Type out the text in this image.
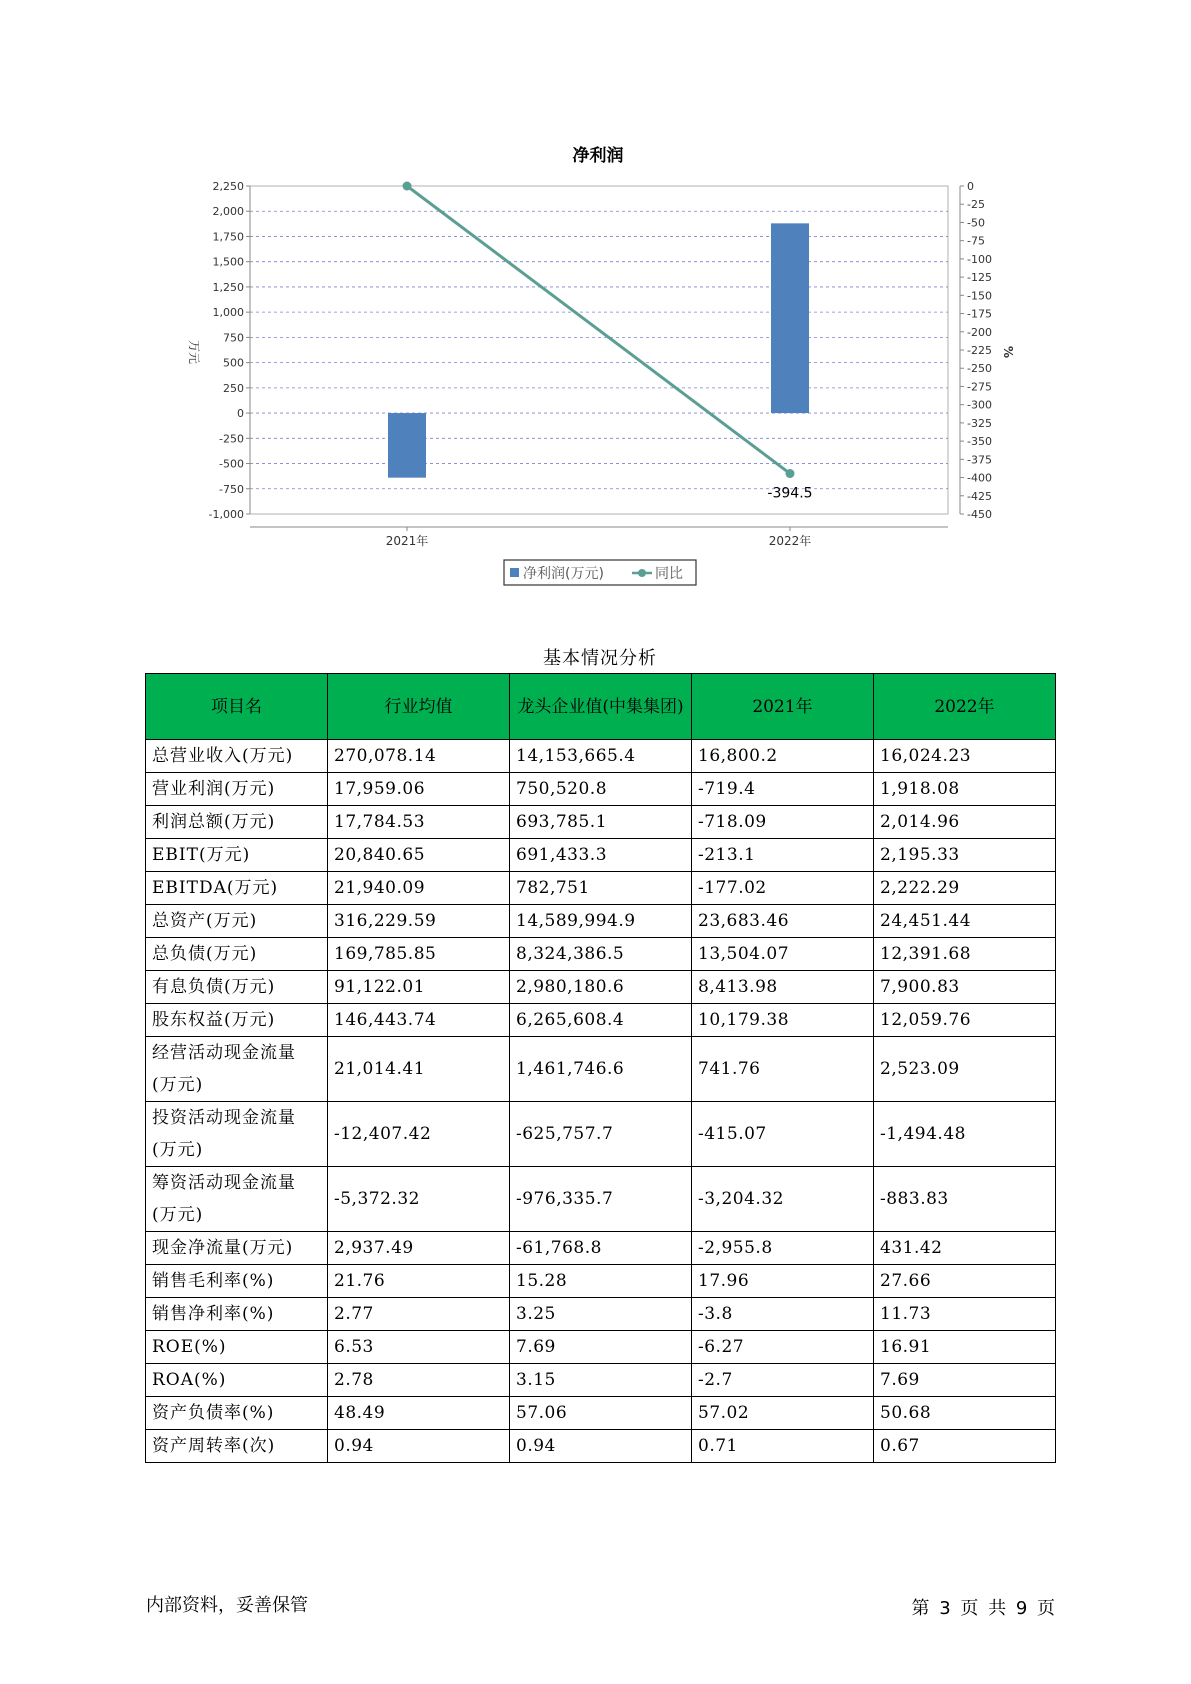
净利润
2,250
2,000
1,750
1,500
1,250
1,000
750
500
250
0
-250
-500
-750
-1,000
万元
0
-25
-50
-75
-100
-125
-150
-175
-200
-225
-250
-275
-300
-325
-350
-375
-400
-425
-450
%
2021年	2022年
-394.5
净利润(万元)	同比
基本情况分析
项目名	行业均值	龙头企业值(中集集团)	2021年	2022年
总营业收入(万元)	270,078.14	14,153,665.4	16,800.2	16,024.23
营业利润(万元)	17,959.06	750,520.8	-719.4	1,918.08
利润总额(万元)	17,784.53	693,785.1	-718.09	2,014.96
EBIT(万元)	20,840.65	691,433.3	-213.1	2,195.33
EBITDA(万元)	21,940.09	782,751	-177.02	2,222.29
总资产(万元)	316,229.59	14,589,994.9	23,683.46	24,451.44
总负债(万元)	169,785.85	8,324,386.5	13,504.07	12,391.68
有息负债(万元)	91,122.01	2,980,180.6	8,413.98	7,900.83
股东权益(万元)	146,443.74	6,265,608.4	10,179.38	12,059.76
经营活动现金流量(万元)	21,014.41	1,461,746.6	741.76	2,523.09
投资活动现金流量(万元)	-12,407.42	-625,757.7	-415.07	-1,494.48
筹资活动现金流量(万元)	-5,372.32	-976,335.7	-3,204.32	-883.83
现金净流量(万元)	2,937.49	-61,768.8	-2,955.8	431.42
销售毛利率(%)	21.76	15.28	17.96	27.66
销售净利率(%)	2.77	3.25	-3.8	11.73
ROE(%)	6.53	7.69	-6.27	16.91
ROA(%)	2.78	3.15	-2.7	7.69
资产负债率(%)	48.49	57.06	57.02	50.68
资产周转率(次)	0.94	0.94	0.71	0.67
内部资料，妥善保管	第 3 页 共 9 页
